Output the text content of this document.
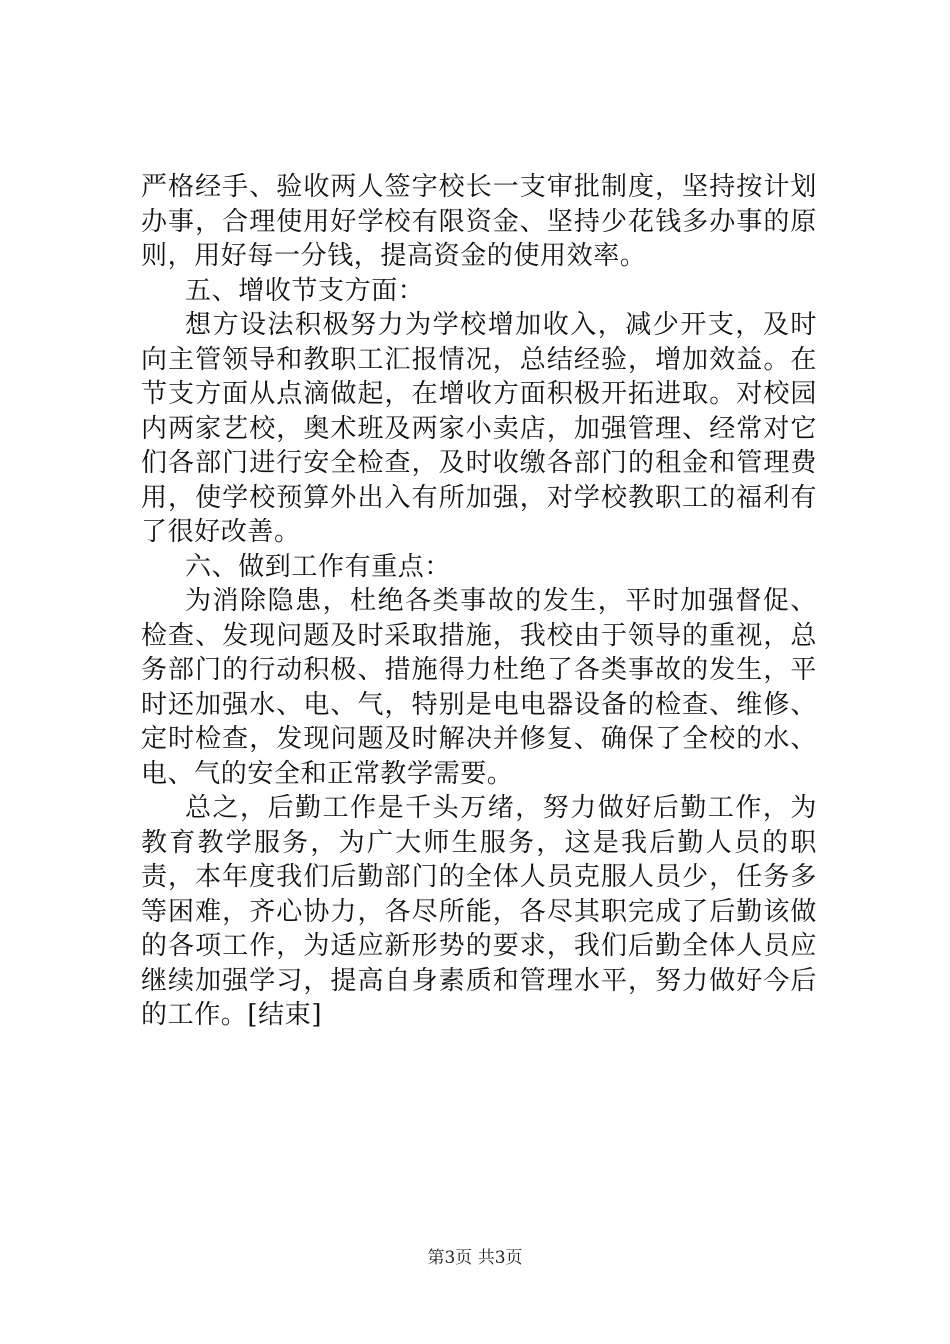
严格经手、验收两人签字校长一支审批制度，坚持按计划办事，合理使用好学校有限资金、坚持少花钱多办事的原则，用好每一分钱，提高资金的使用效率。

五、增收节支方面：

想方设法积极努力为学校增加收入，减少开支，及时向主管领导和教职工汇报情况，总结经验，增加效益。在节支方面从点滴做起，在增收方面积极开拓进取。对校园内两家艺校，奥术班及两家小卖店，加强管理、经常对它们各部门进行安全检查，及时收缴各部门的租金和管理费用，使学校预算外出入有所加强，对学校教职工的福利有了很好改善。

六、做到工作有重点：

为消除隐患，杜绝各类事故的发生，平时加强督促、检查、发现问题及时采取措施，我校由于领导的重视，总务部门的行动积极、措施得力杜绝了各类事故的发生，平时还加强水、电、气，特别是电电器设备的检查、维修、定时检查，发现问题及时解决并修复、确保了全校的水、电、气的安全和正常教学需要。

总之，后勤工作是千头万绪，努力做好后勤工作，为教育教学服务，为广大师生服务，这是我后勤人员的职责，本年度我们后勤部门的全体人员克服人员少，任务多等困难，齐心协力，各尽所能，各尽其职完成了后勤该做的各项工作，为适应新形势的要求，我们后勤全体人员应继续加强学习，提高自身素质和管理水平，努力做好今后的工作。[结束]

第3页 共3页
